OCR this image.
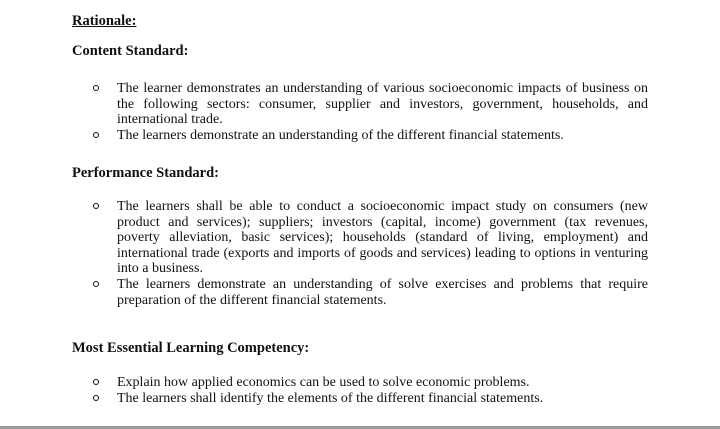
Rationale:
Content Standard:
The learner demonstrates an understanding of various socioeconomic impacts of business on the following sectors: consumer, supplier and investors, government, households, and international trade.
The learners demonstrate an understanding of the different financial statements.
Performance Standard:
The learners shall be able to conduct a socioeconomic impact study on consumers (new product and services); suppliers; investors (capital, income) government (tax revenues, poverty alleviation, basic services); households (standard of living, employment) and international trade (exports and imports of goods and services) leading to options in venturing into a business.
The learners demonstrate an understanding of solve exercises and problems that require preparation of the different financial statements.
Most Essential Learning Competency:
Explain how applied economics can be used to solve economic problems.
The learners shall identify the elements of the different financial statements.
